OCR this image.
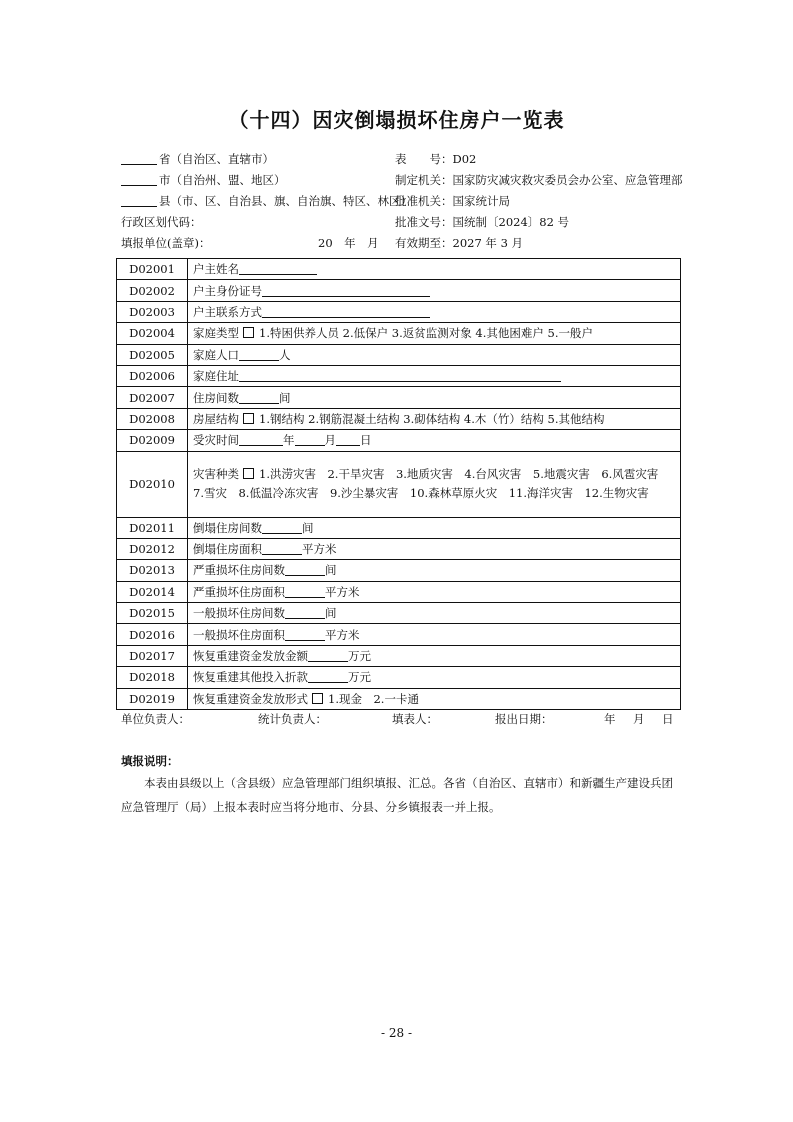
（十四）因灾倒塌损坏住房户一览表
省（自治区、直辖市）
市（自治州、盟、地区）
县（市、区、自治县、旗、自治旗、特区、林区）
行政区划代码：
填报单位(盖章)：	20　年　月
表　　号：D02
制定机关：国家防灾减灾救灾委员会办公室、应急管理部
批准机关：国家统计局
批准文号：国统制〔2024〕82 号
有效期至：2027 年 3 月
D02001	户主姓名
D02002	户主身份证号
D02003	户主联系方式
D02004	家庭类型 1.特困供养人员 2.低保户 3.返贫监测对象 4.其他困难户 5.一般户
D02005	家庭人口 人
D02006	家庭住址
D02007	住房间数 间
D02008	房屋结构 1.钢结构 2.钢筋混凝土结构 3.砌体结构 4.木（竹）结构 5.其他结构
D02009	受灾时间 年 月 日
D02010	灾害种类 1.洪涝灾害　2.干旱灾害　3.地质灾害　4.台风灾害　5.地震灾害　6.风雹灾害　7.雪灾　8.低温冷冻灾害　9.沙尘暴灾害　10.森林草原火灾　11.海洋灾害　12.生物灾害
D02011	倒塌住房间数 间
D02012	倒塌住房面积 平方米
D02013	严重损坏住房间数 间
D02014	严重损坏住房面积 平方米
D02015	一般损坏住房间数 间
D02016	一般损坏住房面积 平方米
D02017	恢复重建资金发放金额 万元
D02018	恢复重建其他投入折款 万元
D02019	恢复重建资金发放形式 1.现金　2.一卡通
单位负责人：	统计负责人：	填表人：	报出日期：	年 月 日
填报说明：
本表由县级以上（含县级）应急管理部门组织填报、汇总。各省（自治区、直辖市）和新疆生产建设兵团应急管理厅（局）上报本表时应当将分地市、分县、分乡镇报表一并上报。
- 28 -
